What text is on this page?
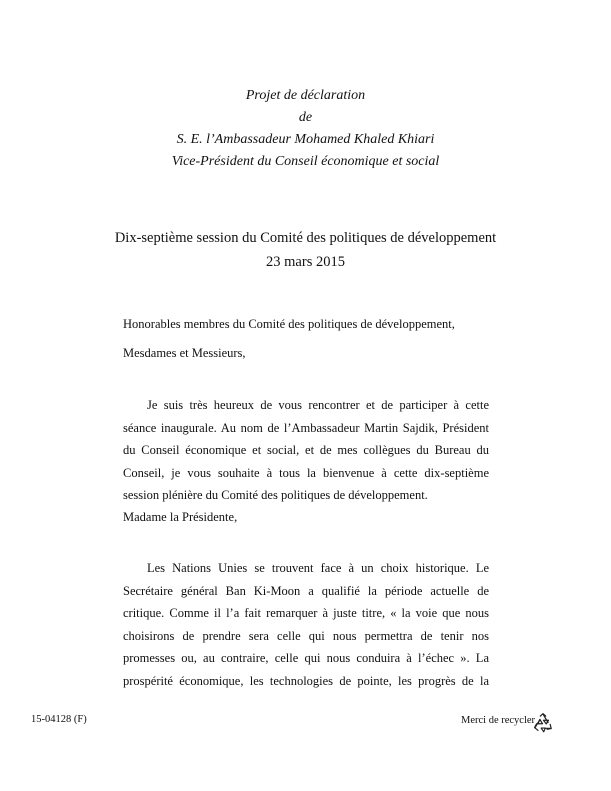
Projet de déclaration
de
S. E. l’Ambassadeur Mohamed Khaled Khiari
Vice-Président du Conseil économique et social
Dix-septième session du Comité des politiques de développement
23 mars 2015
Honorables membres du Comité des politiques de développement,
Mesdames et Messieurs,
Je suis très heureux de vous rencontrer et de participer à cette
séance inaugurale. Au nom de l’Ambassadeur Martin Sajdik, Président
du Conseil économique et social, et de mes collègues du Bureau du
Conseil, je vous souhaite à tous la bienvenue à cette dix-septième
session plénière du Comité des politiques de développement.
Madame la Présidente,
Les Nations Unies se trouvent face à un choix historique. Le
Secrétaire général Ban Ki-Moon a qualifié la période actuelle de
critique. Comme il l’a fait remarquer à juste titre, « la voie que nous
choisirons de prendre sera celle qui nous permettra de tenir nos
promesses ou, au contraire, celle qui nous conduira à l’échec ». La
prospérité économique, les technologies de pointe, les progrès de la
15-04128 (F)	Merci de recycler
